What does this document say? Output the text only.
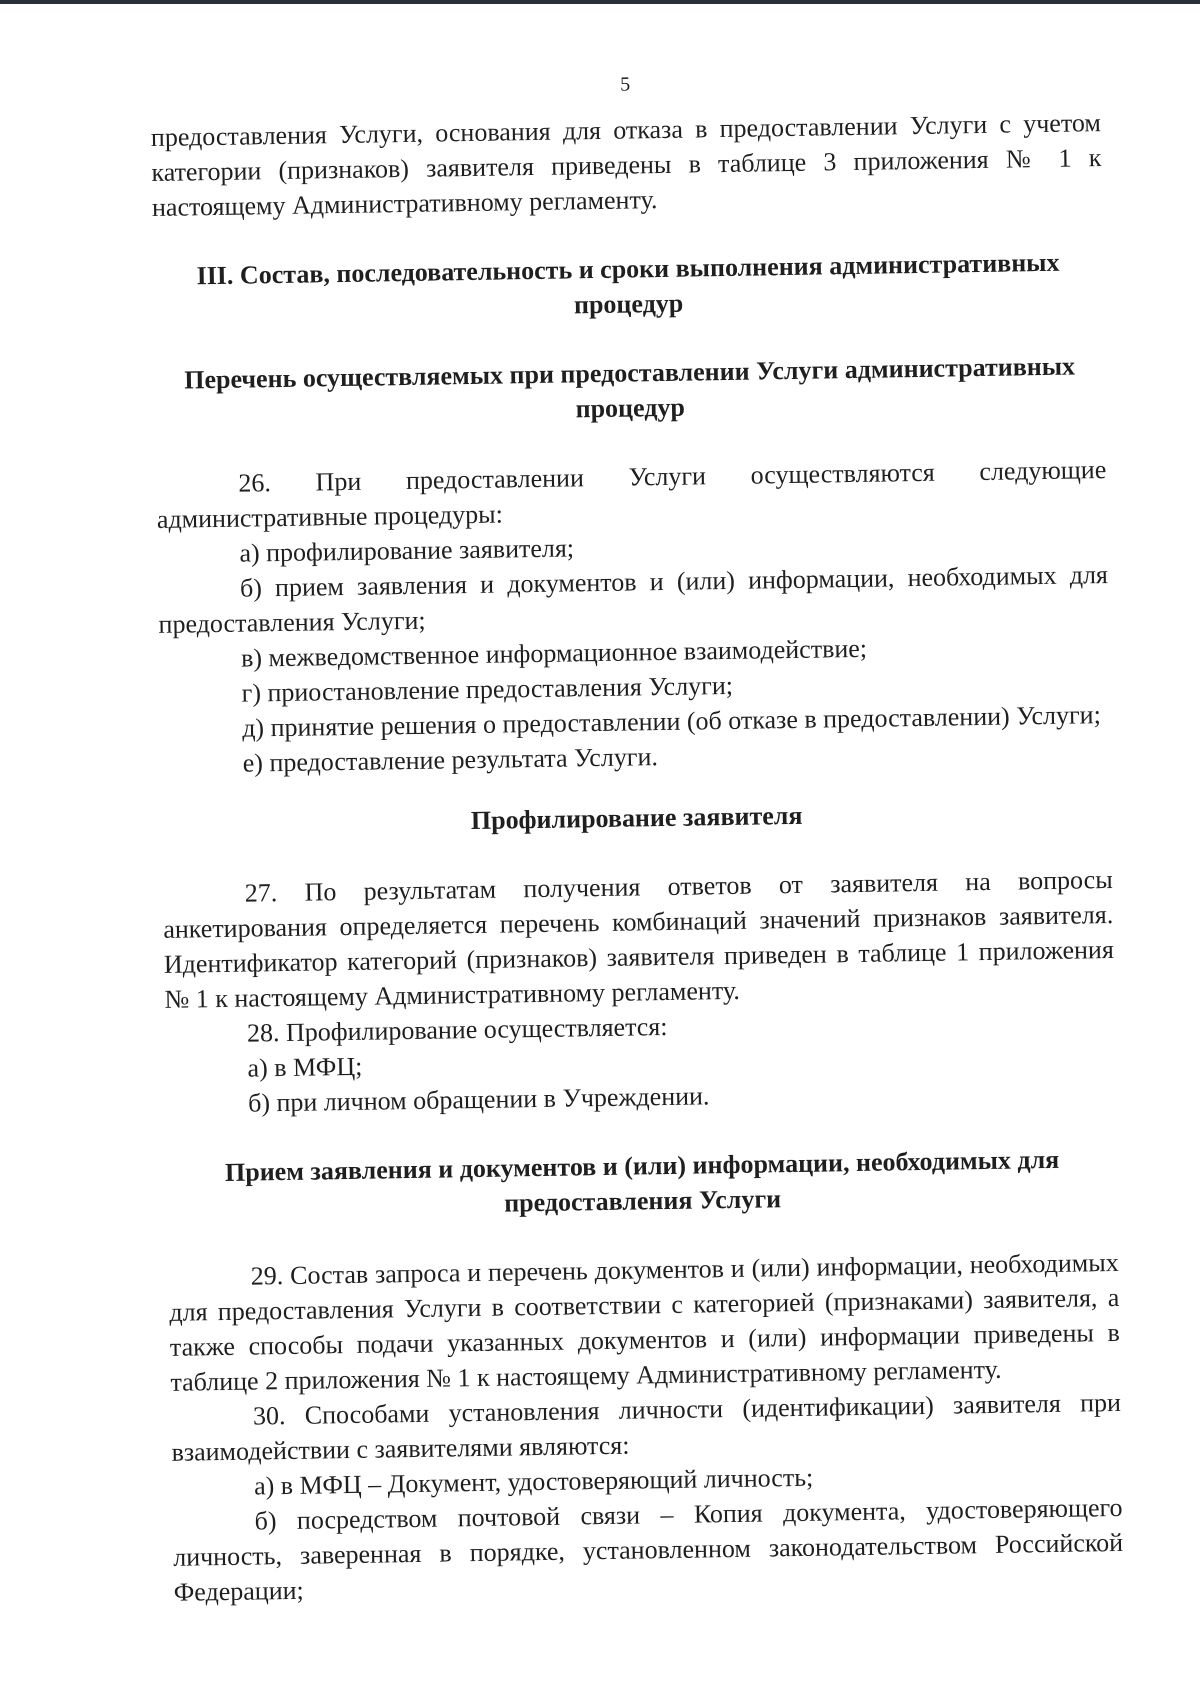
5

предоставления Услуги, основания для отказа в предоставлении Услуги с учетом категории (признаков) заявителя приведены в таблице 3 приложения № 1 к настоящему Административному регламенту.

III. Состав, последовательность и сроки выполнения административных процедур
Перечень осуществляемых при предоставлении Услуги административных процедур

26. При предоставлении Услуги осуществляются следующие административные процедуры:

а) профилирование заявителя;

б) прием заявления и документов и (или) информации, необходимых для предоставления Услуги;

в) межведомственное информационное взаимодействие;

г) приостановление предоставления Услуги;

д) принятие решения о предоставлении (об отказе в предоставлении) Услуги;

е) предоставление результата Услуги.

Профилирование заявителя

27. По результатам получения ответов от заявителя на вопросы анкетирования определяется перечень комбинаций значений признаков заявителя. Идентификатор категорий (признаков) заявителя приведен в таблице 1 приложения № 1 к настоящему Административному регламенту.

28. Профилирование осуществляется:

а) в МФЦ;

б) при личном обращении в Учреждении.

Прием заявления и документов и (или) информации, необходимых для предоставления Услуги

29. Состав запроса и перечень документов и (или) информации, необходимых для предоставления Услуги в соответствии с категорией (признаками) заявителя, а также способы подачи указанных документов и (или) информации приведены в таблице 2 приложения № 1 к настоящему Административному регламенту.

30. Способами установления личности (идентификации) заявителя при взаимодействии с заявителями являются:

а) в МФЦ – Документ, удостоверяющий личность;

б) посредством почтовой связи – Копия документа, удостоверяющего личность, заверенная в порядке, установленном законодательством Российской Федерации;
